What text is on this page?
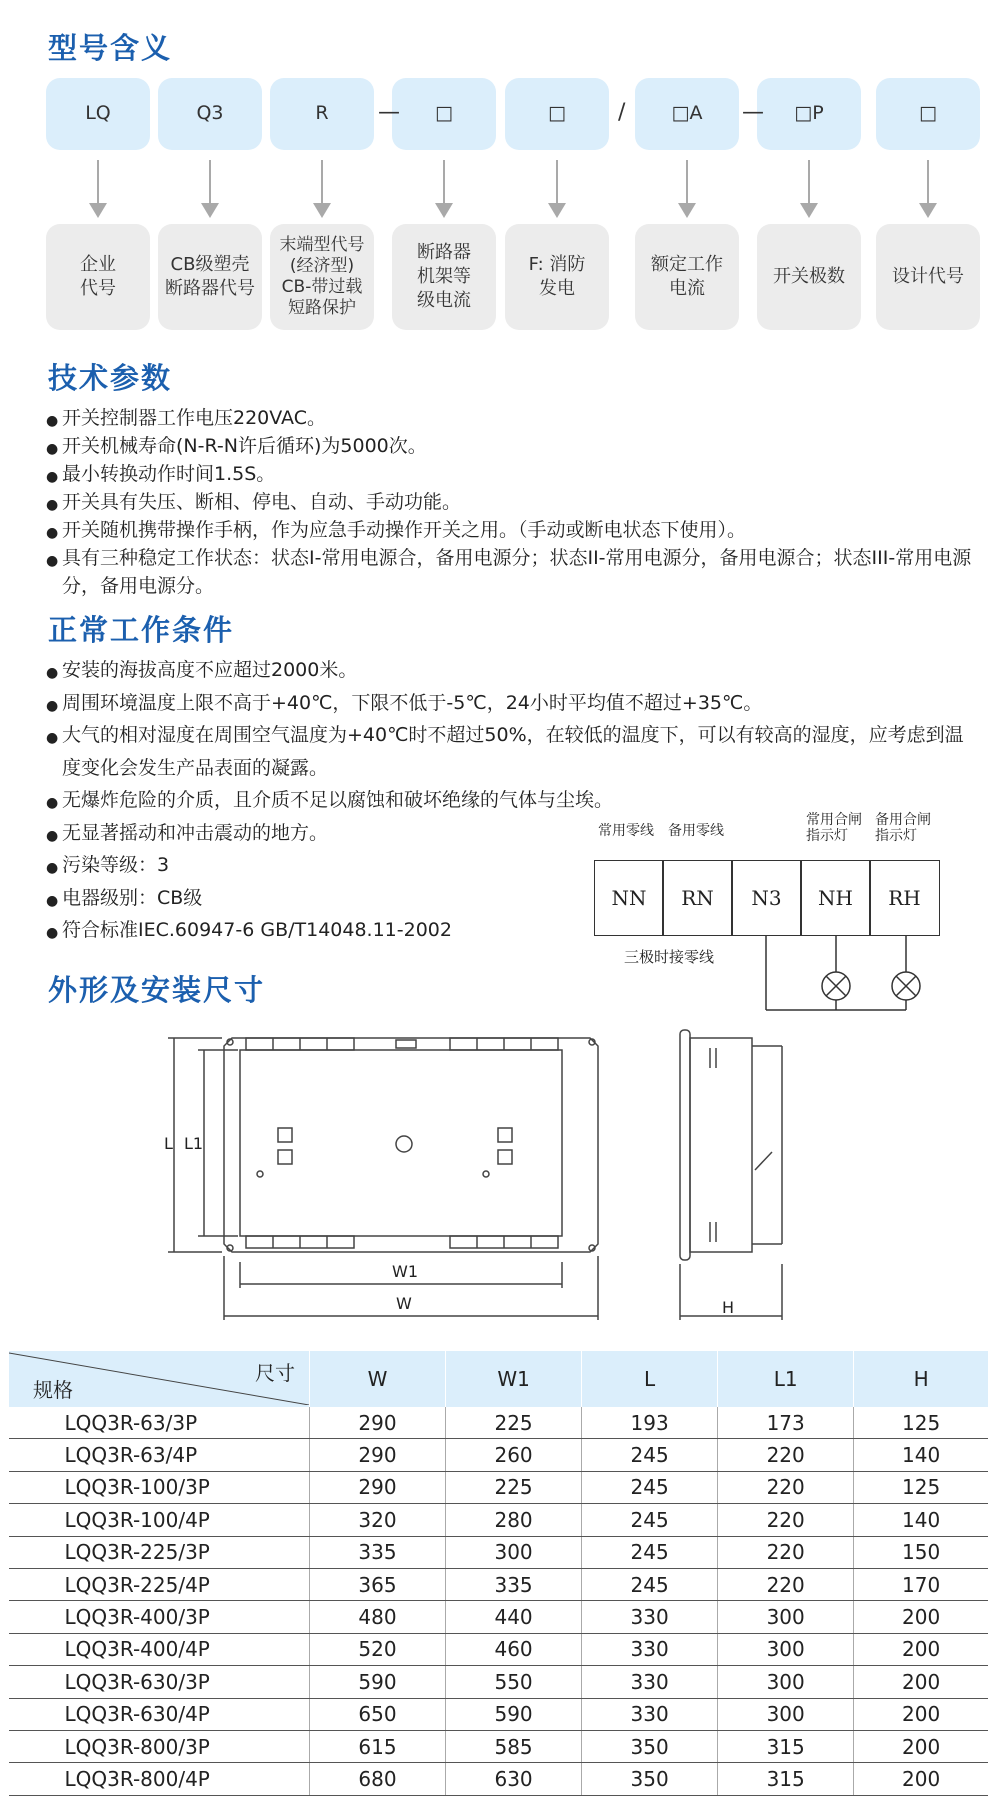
型号含义
LQ
企业
代号
Q3
CB级塑壳
断路器代号
R
末端型代号
(经济型)
CB-带过载
短路保护
□
断路器
机架等
级电流
□
F: 消防
发电
□A
额定工作
电流
□P
开关极数
□
设计代号
—	/	—
技术参数
● 开关控制器工作电压220VAC。
● 开关机械寿命(N-R-N许后循环)为5000次。
● 最小转换动作时间1.5S。
● 开关具有失压、断相、停电、自动、手动功能。
● 开关随机携带操作手柄，作为应急手动操作开关之用。（手动或断电状态下使用）。
● 具有三种稳定工作状态：状态I-常用电源合，备用电源分；状态II-常用电源分，备用电源合；状态III-常用电源分，备用电源分。
正常工作条件
● 安装的海拔高度不应超过2000米。
● 周围环境温度上限不高于+40℃，下限不低于-5℃，24小时平均值不超过+35℃。
● 大气的相对湿度在周围空气温度为+40℃时不超过50%，在较低的温度下，可以有较高的湿度，应考虑到温度变化会发生产品表面的凝露。
● 无爆炸危险的介质，且介质不足以腐蚀和破坏绝缘的气体与尘埃。
● 无显著摇动和冲击震动的地方。
● 污染等级：3
● 电器级别：CB级
● 符合标准IEC.60947-6 GB/T14048.11-2002
常用零线 备用零线
常用合闸
指示灯
备用合闸
指示灯
NN	RN	N3	NH	RH
三极时接零线
外形及安装尺寸
L L1
W1
W	H
尺寸
规格	W	W1	L	L1	H
LQQ3R-63/3P	290	225	193	173	125
LQQ3R-63/4P	290	260	245	220	140
LQQ3R-100/3P	290	225	245	220	125
LQQ3R-100/4P	320	280	245	220	140
LQQ3R-225/3P	335	300	245	220	150
LQQ3R-225/4P	365	335	245	220	170
LQQ3R-400/3P	480	440	330	300	200
LQQ3R-400/4P	520	460	330	300	200
LQQ3R-630/3P	590	550	330	300	200
LQQ3R-630/4P	650	590	330	300	200
LQQ3R-800/3P	615	585	350	315	200
LQQ3R-800/4P	680	630	350	315	200
